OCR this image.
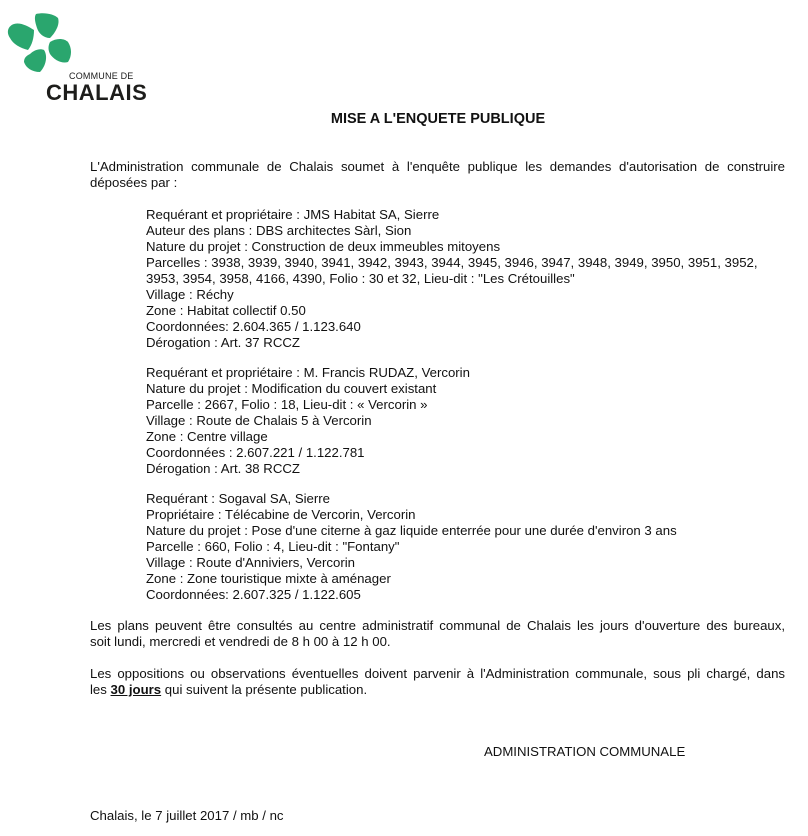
COMMUNE DE
CHALAIS
MISE A L'ENQUETE PUBLIQUE
L'Administration communale de Chalais soumet à l'enquête publique les demandes d'autorisation de construire déposées par :
Requérant et propriétaire : JMS Habitat SA, Sierre
Auteur des plans : DBS architectes Sàrl, Sion
Nature du projet : Construction de deux immeubles mitoyens
Parcelles : 3938, 3939, 3940, 3941, 3942, 3943, 3944, 3945, 3946, 3947, 3948, 3949, 3950, 3951, 3952,
3953, 3954, 3958, 4166, 4390, Folio : 30 et 32, Lieu-dit : "Les Crétouilles"
Village : Réchy
Zone : Habitat collectif 0.50
Coordonnées: 2.604.365 / 1.123.640
Dérogation : Art. 37 RCCZ
Requérant et propriétaire : M. Francis RUDAZ, Vercorin
Nature du projet : Modification du couvert existant
Parcelle : 2667, Folio : 18, Lieu-dit : « Vercorin »
Village : Route de Chalais 5 à Vercorin
Zone : Centre village
Coordonnées : 2.607.221 / 1.122.781
Dérogation : Art. 38 RCCZ
Requérant : Sogaval SA, Sierre
Propriétaire : Télécabine de Vercorin, Vercorin
Nature du projet : Pose d'une citerne à gaz liquide enterrée pour une durée d'environ 3 ans
Parcelle : 660, Folio : 4, Lieu-dit : "Fontany"
Village : Route d'Anniviers, Vercorin
Zone : Zone touristique mixte à aménager
Coordonnées: 2.607.325 / 1.122.605
Les plans peuvent être consultés au centre administratif communal de Chalais les jours d'ouverture des bureaux,
soit lundi, mercredi et vendredi de 8 h 00 à 12 h 00.
Les oppositions ou observations éventuelles doivent parvenir à l'Administration communale, sous pli chargé, dans
les 30 jours qui suivent la présente publication.
ADMINISTRATION COMMUNALE
Chalais, le 7 juillet 2017 / mb / nc
